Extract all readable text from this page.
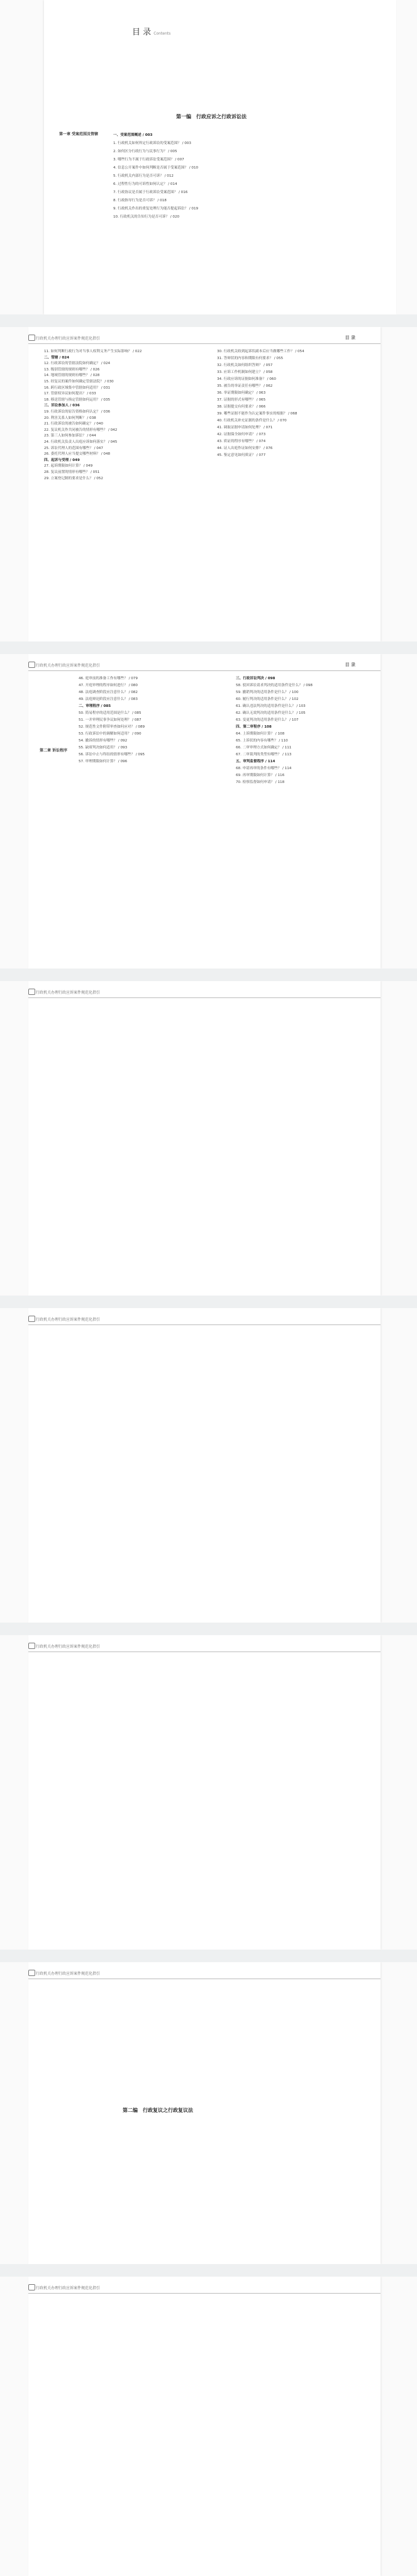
目 录 Contents
第一编　行政应诉之行政诉讼法
第一章 受案范围及管辖	一、受案范围概述 / 003
1. 行政机关如何界定行政诉讼的受案范围？ / 003
2. 如何区分行政行为与民事行为？ / 005
3. 哪些行为不属于行政诉讼受案范围？ / 007
4. 信息公开案件中如何判断是否属于受案范围？ / 010
5. 行政机关内部行为是否可诉？ / 012
6. 过程性行为的可诉性如何认定？ / 014
7. 行政协议是否属于行政诉讼受案范围？ / 016
8. 行政指导行为是否可诉？ / 018
9. 行政机关作出的重复处理行为能否提起诉讼？ / 019
10. 行政机关的告知行为是否可诉？ / 020
行政机关办理行政应诉案件规范化指引	目 录
11. 如何判断行政行为对当事人权利义务产生实际影响？ / 022
二、管辖 / 024
12. 行政诉讼的管辖法院如何确定？ / 024
13. 级别管辖的规则有哪些？ / 026
14. 地域管辖的规则有哪些？ / 028
15. 经复议的案件如何确定管辖法院？ / 030
16. 跨行政区域集中管辖如何适用？ / 031
17. 管辖权异议如何提出？ / 033
18. 移送管辖与指定管辖如何运用？ / 035
三、诉讼参加人 / 036
19. 行政诉讼的原告资格如何认定？ / 036
20. 利害关系人如何判断？ / 038
21. 行政诉讼的被告如何确定？ / 040
22. 复议机关作共同被告的情形有哪些？ / 042
23. 第三人如何参加诉讼？ / 044
24. 行政机关负责人出庭应诉如何落实？ / 045
25. 诉讼代理人的范围有哪些？ / 047
26. 委托代理人应当提交哪些材料？ / 048
四、起诉与受理 / 049
27. 起诉期限如何计算？ / 049
28. 复议前置的情形有哪些？ / 051
29. 立案登记制的要求是什么？ / 052
30. 行政机关收到起诉状副本后应当做哪些工作？ / 054
31. 答辩状的内容和期限有何要求？ / 055
32. 行政机关如何组织答辩？ / 057
33. 应诉工作机制如何建立？ / 058
34. 行政应诉的证据如何准备？ / 060
35. 被告的举证责任有哪些？ / 062
36. 举证期限如何确定？ / 063
37. 证据的形式有哪些？ / 065
38. 证据提交有何要求？ / 066
39. 哪些证据不能作为认定案件事实的根据？ / 068
40. 行政机关补充证据的条件是什么？ / 070
41. 调取证据申请如何处理？ / 071
42. 证据保全如何申请？ / 073
43. 质证的程序有哪些？ / 074
44. 证人出庭作证如何安排？ / 076
45. 鉴定意见如何质证？ / 077
行政机关办理行政应诉案件规范化指引	目 录
第二章 诉讼程序
46. 庭审前的准备工作有哪些？ / 079
47. 开庭审理的程序如何进行？ / 080
48. 法庭调查阶段应注意什么？ / 082
49. 法庭辩论阶段应注意什么？ / 083
二、审理程序 / 085
50. 简易程序的适用范围是什么？ / 085
51. 一并审理民事争议如何处理？ / 087
52. 规范性文件附带审查如何应对？ / 089
53. 行政诉讼中的调解如何适用？ / 090
54. 撤诉的情形有哪些？ / 092
55. 缺席判决如何适用？ / 093
56. 诉讼中止与终结的情形有哪些？ / 095
57. 审理期限如何计算？ / 096
三、行政诉讼判决 / 098
58. 驳回诉讼请求判决的适用条件是什么？ / 098
59. 撤销判决的适用条件是什么？ / 100
60. 履行判决的适用条件是什么？ / 102
61. 确认违法判决的适用条件是什么？ / 103
62. 确认无效判决的适用条件是什么？ / 105
63. 变更判决的适用条件是什么？ / 107
四、第二审程序 / 108
64. 上诉期限如何计算？ / 108
65. 上诉状的内容有哪些？ / 110
66. 二审审理方式如何确定？ / 111
67. 二审裁判的类型有哪些？ / 113
五、审判监督程序 / 114
68. 申请再审的条件有哪些？ / 114
69. 再审期限如何计算？ / 116
70. 检察监督如何申请？ / 118
行政机关办理行政应诉案件规范化指引
行政机关办理行政应诉案件规范化指引
行政机关办理行政应诉案件规范化指引
行政机关办理行政应诉案件规范化指引
第二编　行政复议之行政复议法
行政机关办理行政应诉案件规范化指引
